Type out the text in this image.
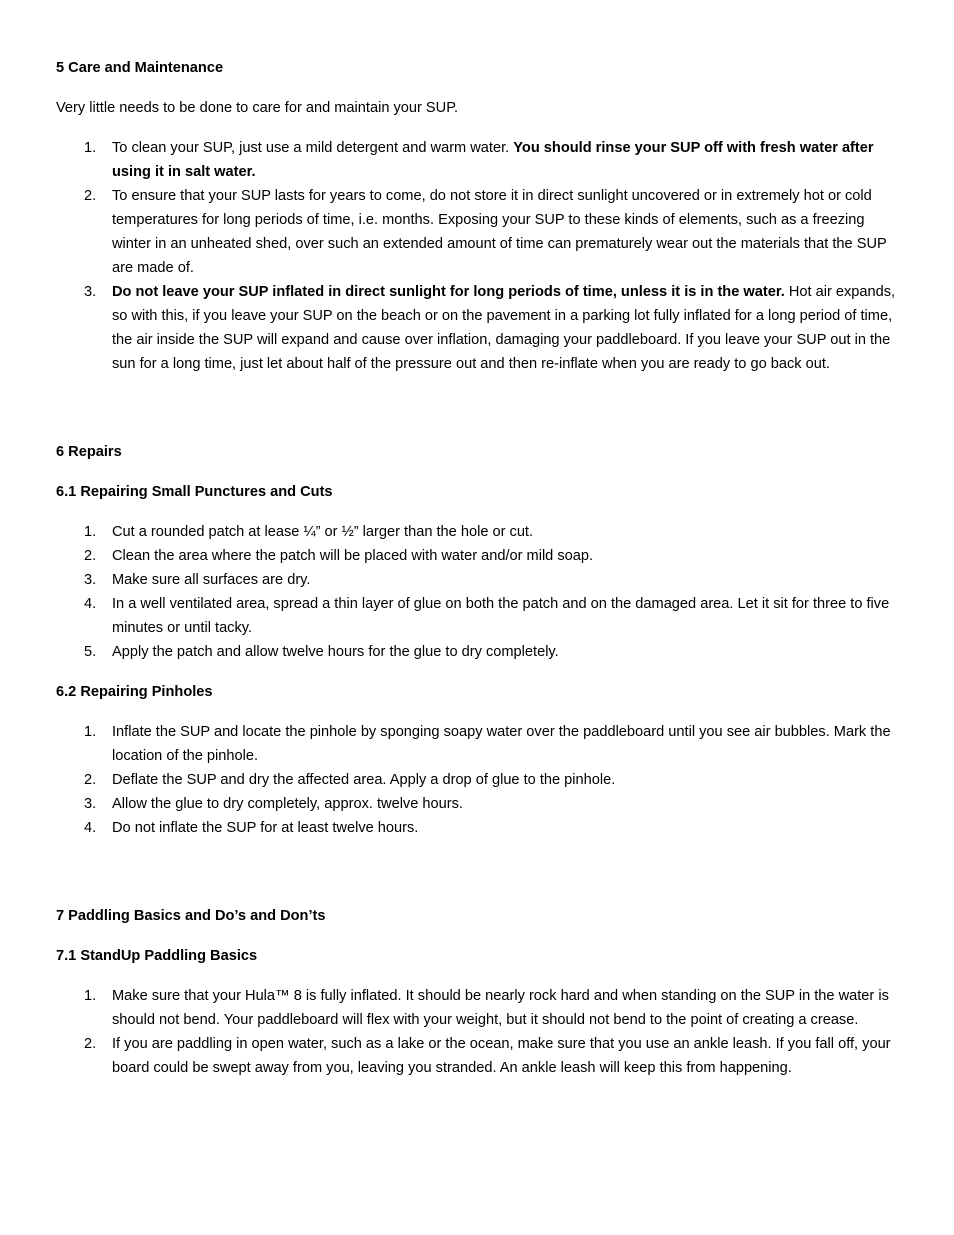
5 Care and Maintenance

Very little needs to be done to care for and maintain your SUP.

1. To clean your SUP, just use a mild detergent and warm water. You should rinse your SUP off with fresh water after using it in salt water.
2. To ensure that your SUP lasts for years to come, do not store it in direct sunlight uncovered or in extremely hot or cold temperatures for long periods of time, i.e. months. Exposing your SUP to these kinds of elements, such as a freezing winter in an unheated shed, over such an extended amount of time can prematurely wear out the materials that the SUP are made of.
3. Do not leave your SUP inflated in direct sunlight for long periods of time, unless it is in the water. Hot air expands, so with this, if you leave your SUP on the beach or on the pavement in a parking lot fully inflated for a long period of time, the air inside the SUP will expand and cause over inflation, damaging your paddleboard. If you leave your SUP out in the sun for a long time, just let about half of the pressure out and then re-inflate when you are ready to go back out.
6 Repairs
6.1 Repairing Small Punctures and Cuts
1. Cut a rounded patch at lease ¼” or ½” larger than the hole or cut.
2. Clean the area where the patch will be placed with water and/or mild soap.
3. Make sure all surfaces are dry.
4. In a well ventilated area, spread a thin layer of glue on both the patch and on the damaged area. Let it sit for three to five minutes or until tacky.
5. Apply the patch and allow twelve hours for the glue to dry completely.
6.2 Repairing Pinholes
1. Inflate the SUP and locate the pinhole by sponging soapy water over the paddleboard until you see air bubbles. Mark the location of the pinhole.
2. Deflate the SUP and dry the affected area. Apply a drop of glue to the pinhole.
3. Allow the glue to dry completely, approx. twelve hours.
4. Do not inflate the SUP for at least twelve hours.
7 Paddling Basics and Do’s and Don’ts
7.1 StandUp Paddling Basics
1. Make sure that your Hula™ 8 is fully inflated. It should be nearly rock hard and when standing on the SUP in the water is should not bend. Your paddleboard will flex with your weight, but it should not bend to the point of creating a crease.
2. If you are paddling in open water, such as a lake or the ocean, make sure that you use an ankle leash. If you fall off, your board could be swept away from you, leaving you stranded. An ankle leash will keep this from happening.
